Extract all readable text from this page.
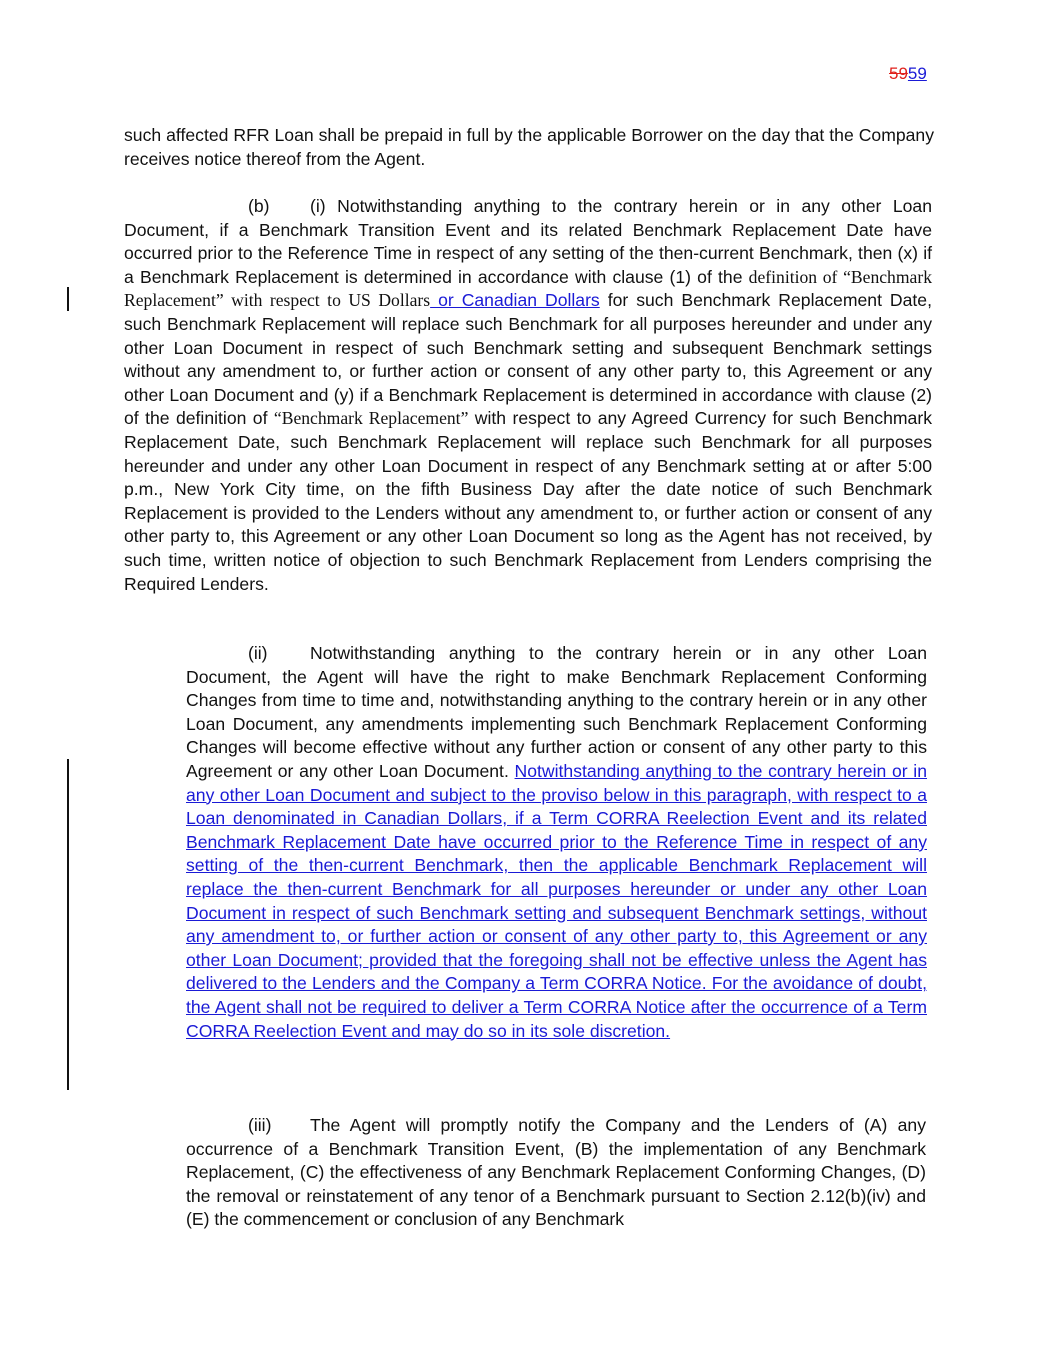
5959
such affected RFR Loan shall be prepaid in full by the applicable Borrower on the day that the Company receives notice thereof from the Agent.
(b) (i) Notwithstanding anything to the contrary herein or in any other Loan Document, if a Benchmark Transition Event and its related Benchmark Replacement Date have occurred prior to the Reference Time in respect of any setting of the then-current Benchmark, then (x) if a Benchmark Replacement is determined in accordance with clause (1) of the definition of “Benchmark Replacement” with respect to US Dollars or Canadian Dollars for such Benchmark Replacement Date, such Benchmark Replacement will replace such Benchmark for all purposes hereunder and under any other Loan Document in respect of such Benchmark setting and subsequent Benchmark settings without any amendment to, or further action or consent of any other party to, this Agreement or any other Loan Document and (y) if a Benchmark Replacement is determined in accordance with clause (2) of the definition of “Benchmark Replacement” with respect to any Agreed Currency for such Benchmark Replacement Date, such Benchmark Replacement will replace such Benchmark for all purposes hereunder and under any other Loan Document in respect of any Benchmark setting at or after 5:00 p.m., New York City time, on the fifth Business Day after the date notice of such Benchmark Replacement is provided to the Lenders without any amendment to, or further action or consent of any other party to, this Agreement or any other Loan Document so long as the Agent has not received, by such time, written notice of objection to such Benchmark Replacement from Lenders comprising the Required Lenders.
(ii) Notwithstanding anything to the contrary herein or in any other Loan Document, the Agent will have the right to make Benchmark Replacement Conforming Changes from time to time and, notwithstanding anything to the contrary herein or in any other Loan Document, any amendments implementing such Benchmark Replacement Conforming Changes will become effective without any further action or consent of any other party to this Agreement or any other Loan Document. Notwithstanding anything to the contrary herein or in any other Loan Document and subject to the proviso below in this paragraph, with respect to a Loan denominated in Canadian Dollars, if a Term CORRA Reelection Event and its related Benchmark Replacement Date have occurred prior to the Reference Time in respect of any setting of the then-current Benchmark, then the applicable Benchmark Replacement will replace the then-current Benchmark for all purposes hereunder or under any other Loan Document in respect of such Benchmark setting and subsequent Benchmark settings, without any amendment to, or further action or consent of any other party to, this Agreement or any other Loan Document; provided that the foregoing shall not be effective unless the Agent has delivered to the Lenders and the Company a Term CORRA Notice. For the avoidance of doubt, the Agent shall not be required to deliver a Term CORRA Notice after the occurrence of a Term CORRA Reelection Event and may do so in its sole discretion.
(iii) The Agent will promptly notify the Company and the Lenders of (A) any occurrence of a Benchmark Transition Event, (B) the implementation of any Benchmark Replacement, (C) the effectiveness of any Benchmark Replacement Conforming Changes, (D) the removal or reinstatement of any tenor of a Benchmark pursuant to Section 2.12(b)(iv) and (E) the commencement or conclusion of any Benchmark
